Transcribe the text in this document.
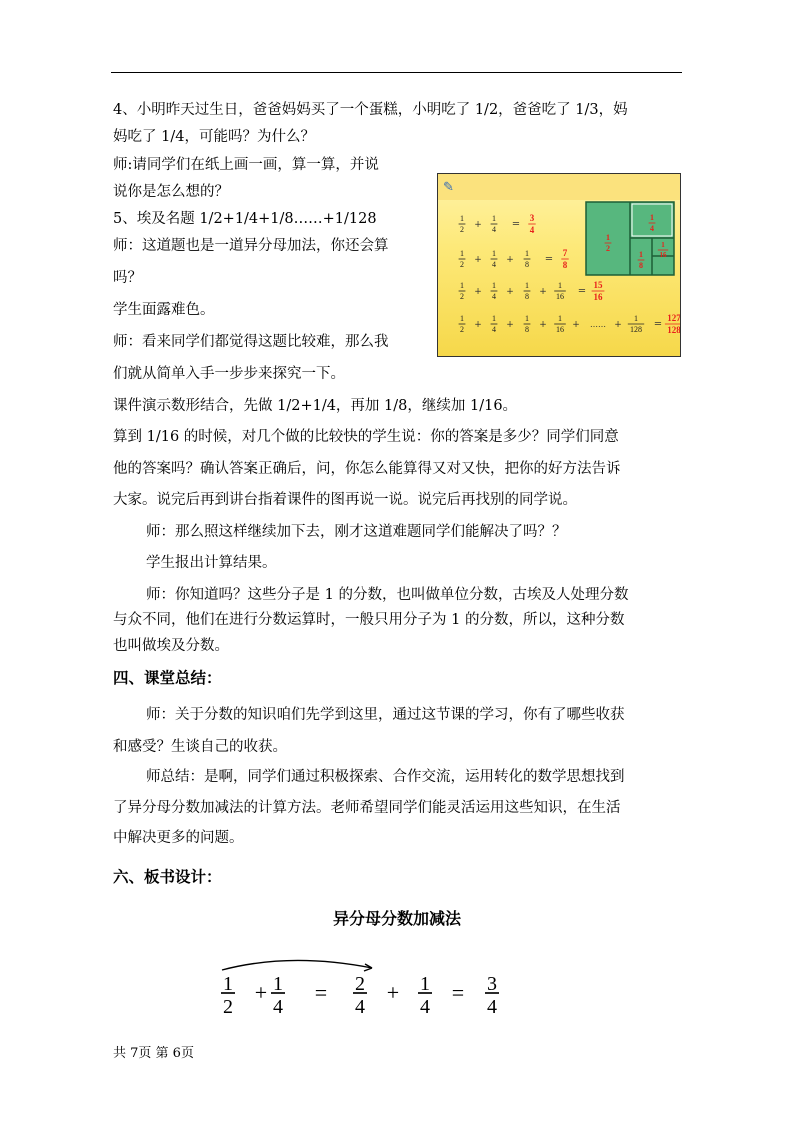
4、小明昨天过生日，爸爸妈妈买了一个蛋糕，小明吃了 1/2，爸爸吃了 1/3，妈
妈吃了 1/4，可能吗？为什么？
师:请同学们在纸上画一画，算一算，并说
说你是怎么想的？
5、埃及名题 1/2+1/4+1/8……+1/128
师：这道题也是一道异分母加法，你还会算
吗？
学生面露难色。
师：看来同学们都觉得这题比较难，那么我
们就从简单入手一步步来探究一下。
课件演示数形结合，先做 1/2+1/4，再加 1/8，继续加 1/16。
算到 1/16 的时候，对几个做的比较快的学生说：你的答案是多少？同学们同意
他的答案吗？确认答案正确后，问，你怎么能算得又对又快，把你的好方法告诉
大家。说完后再到讲台指着课件的图再说一说。说完后再找别的同学说。
师：那么照这样继续加下去，刚才这道难题同学们能解决了吗？？
学生报出计算结果。
师：你知道吗？这些分子是 1 的分数，也叫做单位分数，古埃及人处理分数
与众不同，他们在进行分数运算时，一般只用分子为 1 的分数，所以，这种分数
也叫做埃及分数。
四、课堂总结：
师：关于分数的知识咱们先学到这里，通过这节课的学习，你有了哪些收获
和感受？生谈自己的收获。
师总结：是啊，同学们通过积极探索、合作交流，运用转化的数学思想找到
了异分母分数加减法的计算方法。老师希望同学们能灵活运用这些知识，在生活
中解决更多的问题。
六、板书设计：
异分母分数加减法
✎
1
2 +
1
4 =
3
4
1
2 +
1
4 +
1
8 =
7
8
1
2 +
1
4 +
1
8 +
1
16 =
15
16
1
2 +
1
4 +
1
8 +
1
16 + …… +
1
128 =
127
128
1
2
1
4
1
8
1
16
1
2
1
4
2
4
1
4
3
4
+ =	+ =
共 7页 第 6页
